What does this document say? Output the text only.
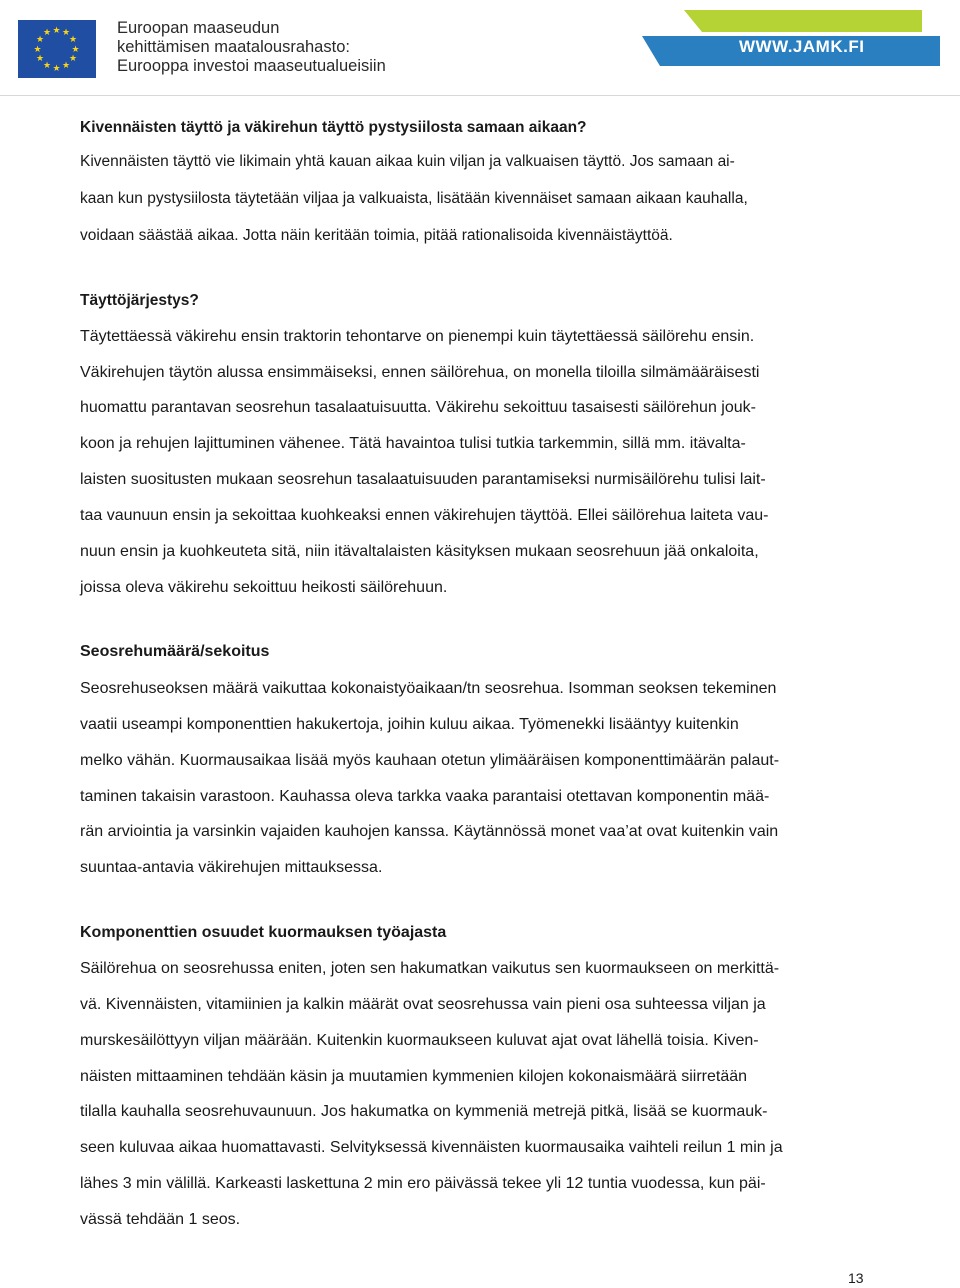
★ ★
★
★
★
★
★
★
★
★
★
★	Euroopan maaseudun
kehittämisen maatalousrahasto:
Eurooppa investoi maaseutualueisiin
WWW.JAMK.FI
Kivennäisten täyttö ja väkirehun täyttö pystysiilosta samaan aikaan?
Kivennäisten täyttö vie likimain yhtä kauan aikaa kuin viljan ja valkuaisen täyttö. Jos samaan ai-
kaan kun pystysiilosta täytetään viljaa ja valkuaista, lisätään kivennäiset samaan aikaan kauhalla,
voidaan säästää aikaa. Jotta näin keritään toimia, pitää rationalisoida kivennäistäyttöä.
Täyttöjärjestys?
Täytettäessä väkirehu ensin traktorin tehontarve on pienempi kuin täytettäessä säilörehu ensin.
Väkirehujen täytön alussa ensimmäiseksi, ennen säilörehua, on monella tiloilla silmämääräisesti
huomattu parantavan seosrehun tasalaatuisuutta. Väkirehu sekoittuu tasaisesti säilörehun jouk-
koon ja rehujen lajittuminen vähenee. Tätä havaintoa tulisi tutkia tarkemmin, sillä mm. itävalta-
laisten suositusten mukaan seosrehun tasalaatuisuuden parantamiseksi nurmisäilörehu tulisi lait-
taa vaunuun ensin ja sekoittaa kuohkeaksi ennen väkirehujen täyttöä. Ellei säilörehua laiteta vau-
nuun ensin ja kuohkeuteta sitä, niin itävaltalaisten käsityksen mukaan seosrehuun jää onkaloita,
joissa oleva väkirehu sekoittuu heikosti säilörehuun.
Seosrehumäärä/sekoitus
Seosrehuseoksen määrä vaikuttaa kokonaistyöaikaan/tn seosrehua. Isomman seoksen tekeminen
vaatii useampi komponenttien hakukertoja, joihin kuluu aikaa. Työmenekki lisääntyy kuitenkin
melko vähän. Kuormausaikaa lisää myös kauhaan otetun ylimääräisen komponenttimäärän palaut-
taminen takaisin varastoon. Kauhassa oleva tarkka vaaka parantaisi otettavan komponentin mää-
rän arviointia ja varsinkin vajaiden kauhojen kanssa. Käytännössä monet vaa’at ovat kuitenkin vain
suuntaa-antavia väkirehujen mittauksessa.
Komponenttien osuudet kuormauksen työajasta
Säilörehua on seosrehussa eniten, joten sen hakumatkan vaikutus sen kuormaukseen on merkittä-
vä. Kivennäisten, vitamiinien ja kalkin määrät ovat seosrehussa vain pieni osa suhteessa viljan ja
murskesäilöttyyn viljan määrään. Kuitenkin kuormaukseen kuluvat ajat ovat lähellä toisia. Kiven-
näisten mittaaminen tehdään käsin ja muutamien kymmenien kilojen kokonaismäärä siirretään
tilalla kauhalla seosrehuvaunuun. Jos hakumatka on kymmeniä metrejä pitkä, lisää se kuormauk-
seen kuluvaa aikaa huomattavasti. Selvityksessä kivennäisten kuormausaika vaihteli reilun 1 min ja
lähes 3 min välillä. Karkeasti laskettuna 2 min ero päivässä tekee yli 12 tuntia vuodessa, kun päi-
vässä tehdään 1 seos.
13
